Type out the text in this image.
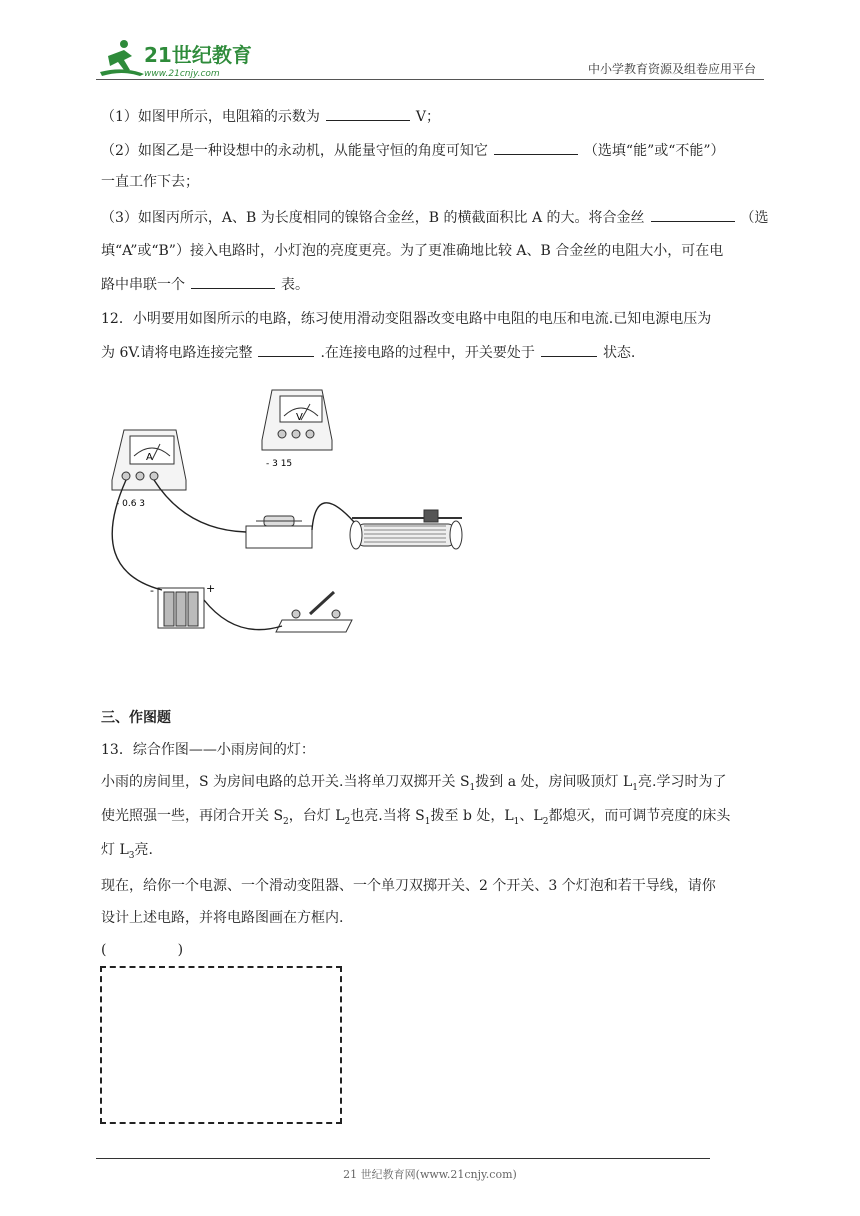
21世纪教育
www.21cnjy.com	中小学教育资源及组卷应用平台
（1）如图甲所示，电阻箱的示数为	V；
（2）如图乙是一种设想中的永动机，从能量守恒的角度可知它	（选填“能”或“不能”）
一直工作下去；
（3）如图丙所示，A、B 为长度相同的镍铬合金丝，B 的横截面积比 A 的大。将合金丝	（选
填“A”或“B”）接入电路时，小灯泡的亮度更亮。为了更准确地比较 A、B 合金丝的电阻大小，可在电
路中串联一个	表。
12．小明要用如图所示的电路，练习使用滑动变阻器改变电路中电阻的电压和电流.已知电源电压为
为 6V.请将电路连接完整	.在连接电路的过程中，开关要处于	状态.
V
- 3 15
A
- 0.6 3
-	+
三、作图题
13．综合作图——小雨房间的灯：
小雨的房间里，S 为房间电路的总开关.当将单刀双掷开关 $S_1$拨到 a 处，房间吸顶灯 $L_1$亮.学习时为了
使光照强一些，再闭合开关 $S_2$，台灯 $L_2$也亮.当将 $S_1$拨至 b 处，$L_1$、$L_2$都熄灭，而可调节亮度的床头
灯 $L_3$亮.
现在，给你一个电源、一个滑动变阻器、一个单刀双掷开关、2 个开关、3 个灯泡和若干导线，请你
设计上述电路，并将电路图画在方框内.
(                )
21 世纪教育网(www.21cnjy.com)
